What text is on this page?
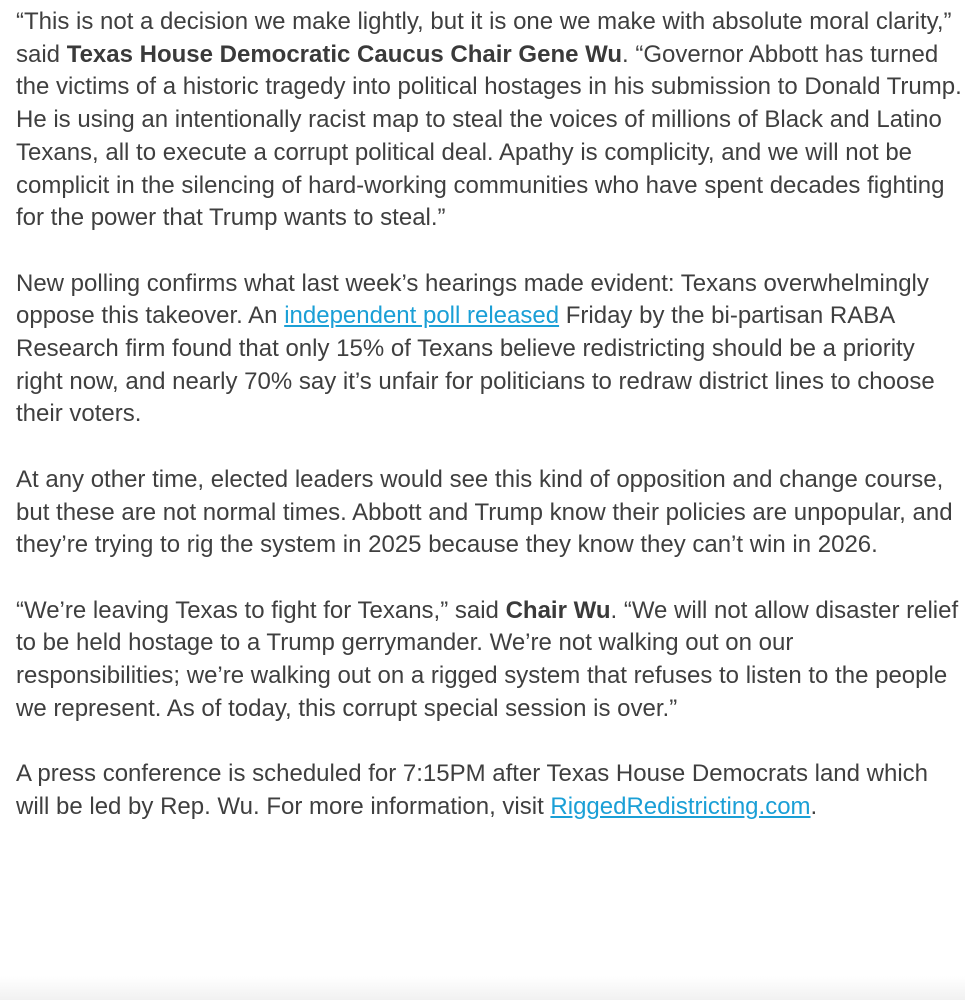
“This is not a decision we make lightly, but it is one we make with absolute moral clarity,” said Texas House Democratic Caucus Chair Gene Wu. “Governor Abbott has turned the victims of a historic tragedy into political hostages in his submission to Donald Trump. He is using an intentionally racist map to steal the voices of millions of Black and Latino Texans, all to execute a corrupt political deal. Apathy is complicity, and we will not be complicit in the silencing of hard-working communities who have spent decades fighting for the power that Trump wants to steal.”

New polling confirms what last week’s hearings made evident: Texans overwhelmingly oppose this takeover. An independent poll released Friday by the bi-partisan RABA Research firm found that only 15% of Texans believe redistricting should be a priority right now, and nearly 70% say it’s unfair for politicians to redraw district lines to choose their voters.

At any other time, elected leaders would see this kind of opposition and change course, but these are not normal times. Abbott and Trump know their policies are unpopular, and they’re trying to rig the system in 2025 because they know they can’t win in 2026.

“We’re leaving Texas to fight for Texans,” said Chair Wu. “We will not allow disaster relief to be held hostage to a Trump gerrymander. We’re not walking out on our responsibilities; we’re walking out on a rigged system that refuses to listen to the people we represent. As of today, this corrupt special session is over.”

A press conference is scheduled for 7:15PM after Texas House Democrats land which will be led by Rep. Wu. For more information, visit RiggedRedistricting.com.
